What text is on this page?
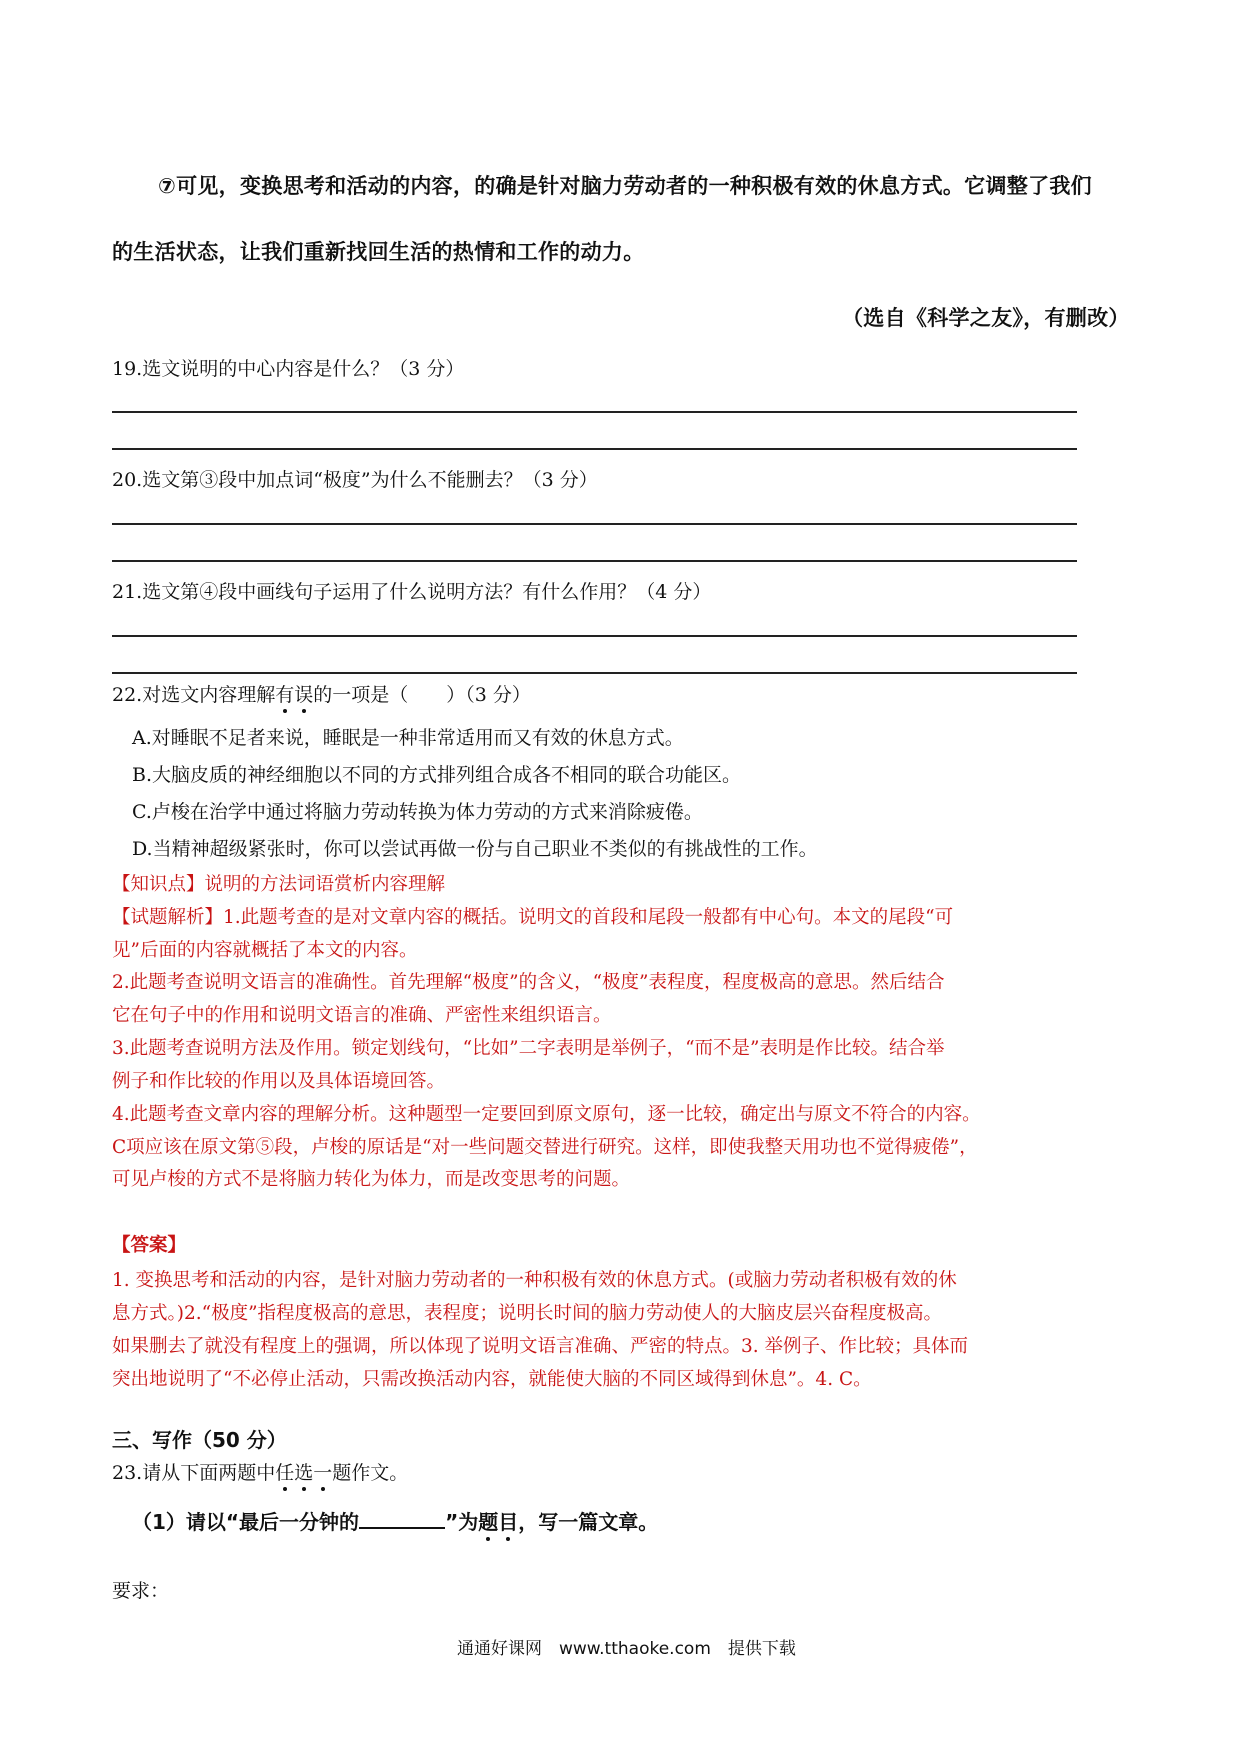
⑦可见，变换思考和活动的内容，的确是针对脑力劳动者的一种积极有效的休息方式。它调整了我们
的生活状态，让我们重新找回生活的热情和工作的动力。
（选自《科学之友》，有删改）
19.选文说明的中心内容是什么？（3 分）
20.选文第③段中加点词“极度”为什么不能删去？（3 分）
21.选文第④段中画线句子运用了什么说明方法？有什么作用？（4 分）
22.对选文内容理解有误的一项是（　　）（3 分）
A.对睡眠不足者来说，睡眠是一种非常适用而又有效的休息方式。
B.大脑皮质的神经细胞以不同的方式排列组合成各不相同的联合功能区。
C.卢梭在治学中通过将脑力劳动转换为体力劳动的方式来消除疲倦。
D.当精神超级紧张时，你可以尝试再做一份与自己职业不类似的有挑战性的工作。
【知识点】说明的方法词语赏析内容理解
【试题解析】1.此题考查的是对文章内容的概括。说明文的首段和尾段一般都有中心句。本文的尾段“可
见”后面的内容就概括了本文的内容。
2.此题考查说明文语言的准确性。首先理解“极度”的含义，“极度”表程度，程度极高的意思。然后结合
它在句子中的作用和说明文语言的准确、严密性来组织语言。
3.此题考查说明方法及作用。锁定划线句，“比如”二字表明是举例子，“而不是”表明是作比较。结合举
例子和作比较的作用以及具体语境回答。
4.此题考查文章内容的理解分析。这种题型一定要回到原文原句，逐一比较，确定出与原文不符合的内容。
C项应该在原文第⑤段，卢梭的原话是“对一些问题交替进行研究。这样，即使我整天用功也不觉得疲倦”，
可见卢梭的方式不是将脑力转化为体力，而是改变思考的问题。
【答案】
1. 变换思考和活动的内容，是针对脑力劳动者的一种积极有效的休息方式。(或脑力劳动者积极有效的休
息方式。)2.“极度”指程度极高的意思，表程度；说明长时间的脑力劳动使人的大脑皮层兴奋程度极高。
如果删去了就没有程度上的强调，所以体现了说明文语言准确、严密的特点。3. 举例子、作比较；具体而
突出地说明了“不必停止活动，只需改换活动内容，就能使大脑的不同区域得到休息”。4. C。
三、写作（50 分）
23.请从下面两题中任选一题作文。
（1）请以“最后一分钟的	”为题目，写一篇文章。
要求：
通通好课网　www.tthaoke.com　提供下载
